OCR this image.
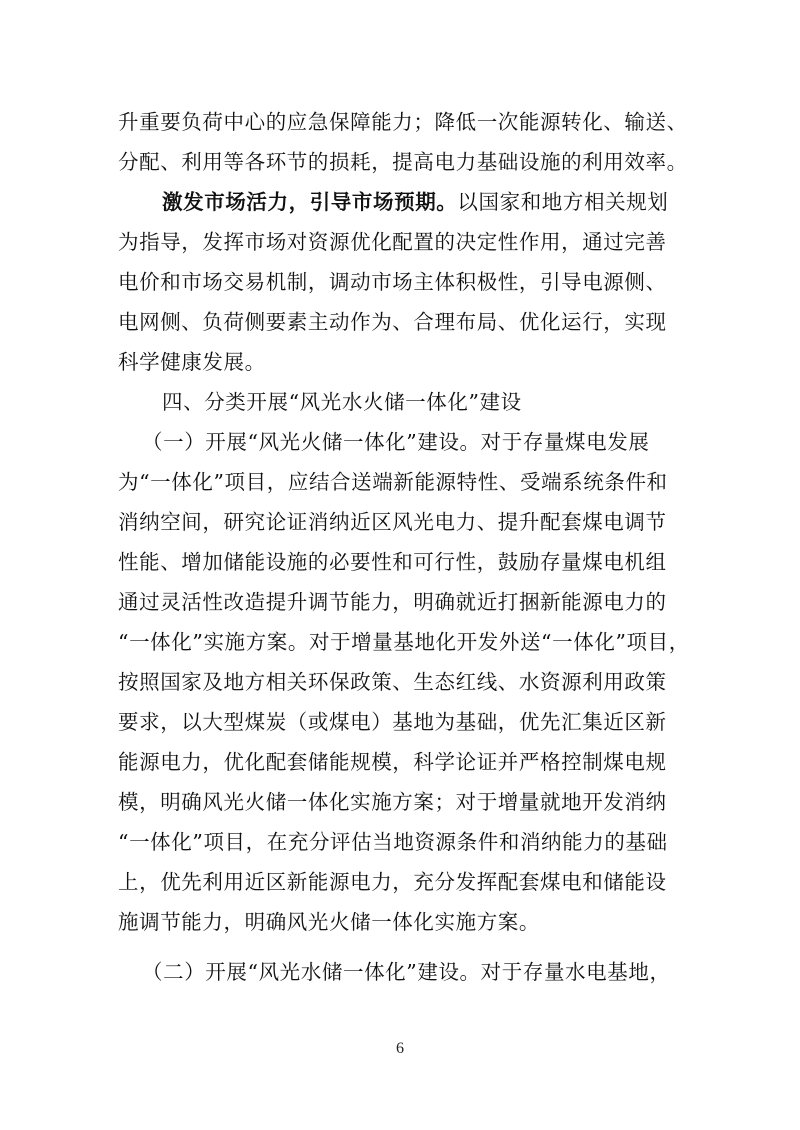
升重要负荷中心的应急保障能力；降低一次能源转化、输送、
分配、利用等各环节的损耗，提高电力基础设施的利用效率。
激发市场活力，引导市场预期。以国家和地方相关规划
为指导，发挥市场对资源优化配置的决定性作用，通过完善
电价和市场交易机制，调动市场主体积极性，引导电源侧、
电网侧、负荷侧要素主动作为、合理布局、优化运行，实现
科学健康发展。
四、分类开展“风光水火储一体化”建设
（一）开展“风光火储一体化”建设。对于存量煤电发展
为“一体化”项目，应结合送端新能源特性、受端系统条件和
消纳空间，研究论证消纳近区风光电力、提升配套煤电调节
性能、增加储能设施的必要性和可行性，鼓励存量煤电机组
通过灵活性改造提升调节能力，明确就近打捆新能源电力的
“一体化”实施方案。对于增量基地化开发外送“一体化”项目，
按照国家及地方相关环保政策、生态红线、水资源利用政策
要求，以大型煤炭（或煤电）基地为基础，优先汇集近区新
能源电力，优化配套储能规模，科学论证并严格控制煤电规
模，明确风光火储一体化实施方案；对于增量就地开发消纳
“一体化”项目，在充分评估当地资源条件和消纳能力的基础
上，优先利用近区新能源电力，充分发挥配套煤电和储能设
施调节能力，明确风光火储一体化实施方案。
（二）开展“风光水储一体化”建设。对于存量水电基地，
6
